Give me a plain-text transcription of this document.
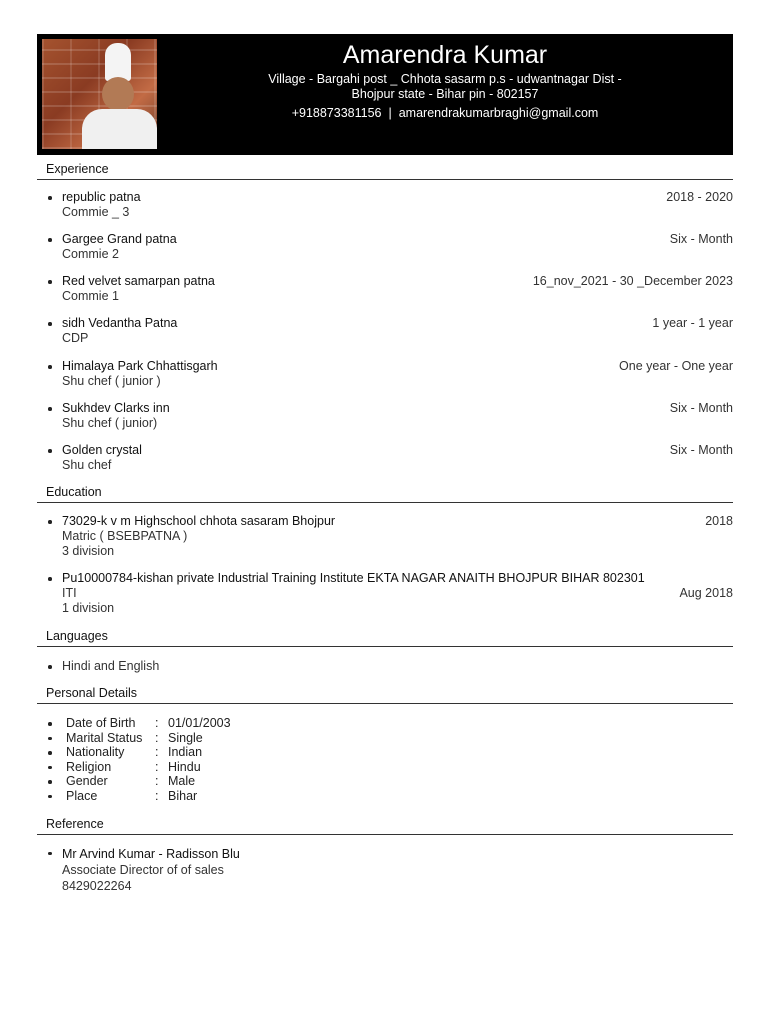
Amarendra Kumar
Village - Bargahi post _ Chhota sasarm p.s - udwantnagar Dist -
Bhojpur state - Bihar pin - 802157
+918873381156 | amarendrakumarbraghi@gmail.com
Experience
republic patna
Commie _ 3
2018 - 2020
Gargee Grand patna
Commie 2
Six - Month
Red velvet samarpan patna
Commie 1
16_nov_2021 - 30 _December 2023
sidh Vedantha Patna
CDP
1 year - 1 year
Himalaya Park Chhattisgarh
Shu chef ( junior )
One year - One year
Sukhdev Clarks inn
Shu chef ( junior)
Six - Month
Golden crystal
Shu chef
Six - Month
Education
73029-k v m Highschool chhota sasaram Bhojpur
Matric ( BSEBPATNA )
3 division
2018
Pu10000784-kishan private Industrial Training Institute EKTA NAGAR ANAITH BHOJPUR BIHAR 802301
ITI
1 division
Aug 2018
Languages
Hindi and English
Personal Details
Date of Birth : 01/01/2003
Marital Status : Single
Nationality : Indian
Religion	: Hindu
Gender	: Male
Place	: Bihar
Reference
Mr Arvind Kumar - Radisson Blu
Associate Director of of sales
8429022264
